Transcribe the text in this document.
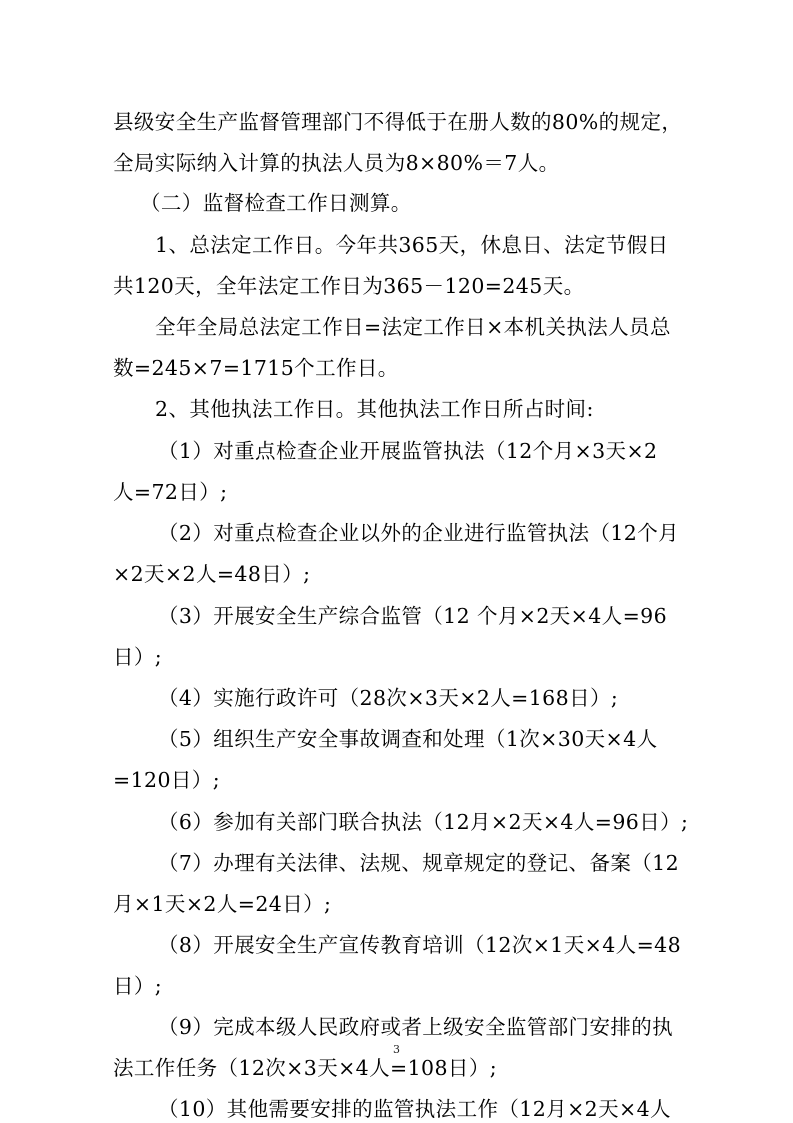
县级安全生产监督管理部门不得低于在册人数的80%的规定，
全局实际纳入计算的执法人员为8×80%＝7人。
（二）监督检查工作日测算。
1、总法定工作日。今年共365天，休息日、法定节假日
共120天，全年法定工作日为365－120=245天。
全年全局总法定工作日=法定工作日×本机关执法人员总
数=245×7=1715个工作日。
2、其他执法工作日。其他执法工作日所占时间:
（1）对重点检查企业开展监管执法（12个月×3天×2
人=72日）;
（2）对重点检查企业以外的企业进行监管执法（12个月
×2天×2人=48日）;
（3）开展安全生产综合监管（12 个月×2天×4人=96
日）;
（4）实施行政许可（28次×3天×2人=168日）;
（5）组织生产安全事故调查和处理（1次×30天×4人
=120日）;
（6）参加有关部门联合执法（12月×2天×4人=96日）;
（7）办理有关法律、法规、规章规定的登记、备案（12
月×1天×2人=24日）;
（8）开展安全生产宣传教育培训（12次×1天×4人=48
日）;
（9）完成本级人民政府或者上级安全监管部门安排的执
法工作任务（12次×3天×4人=108日）;
（10）其他需要安排的监管执法工作（12月×2天×4人
3
